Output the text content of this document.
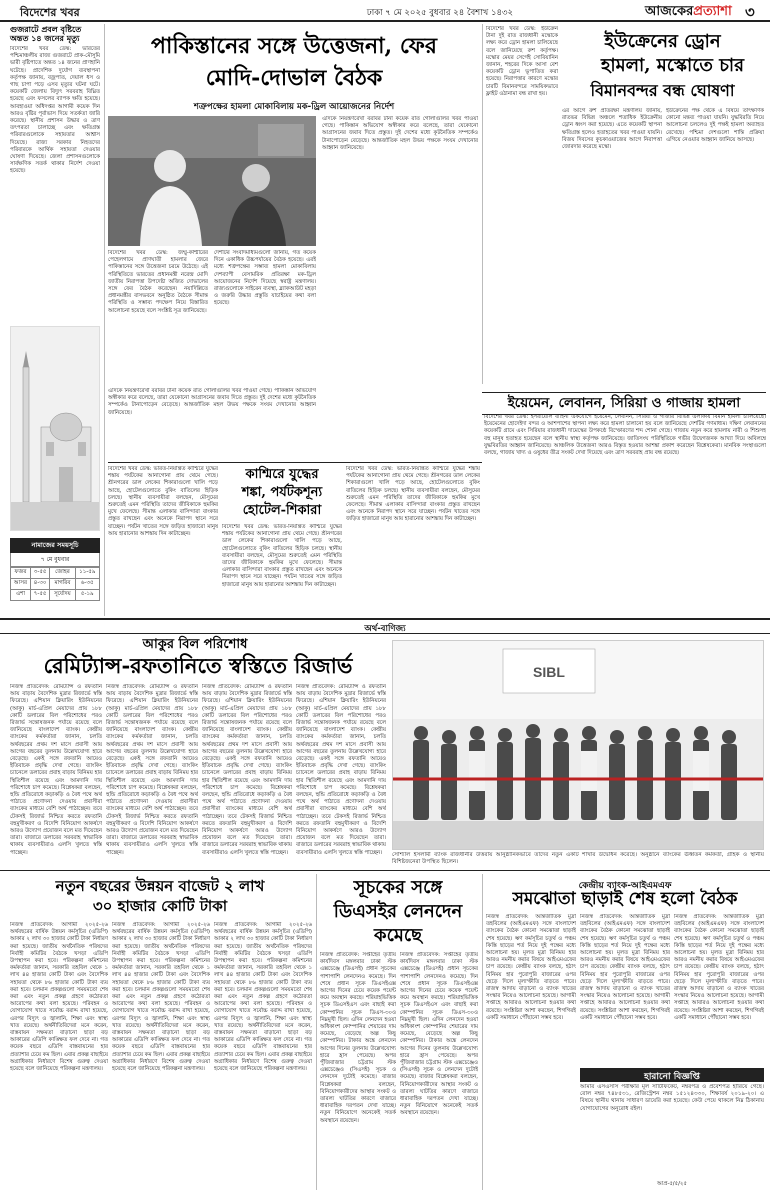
বিদেশের খবর	ঢাকা ৭ মে ২০২৫ বুধবার ২৪ বৈশাখ ১৪৩২	আজকেরপ্রত্যাশা ৩
গুজরাটে প্রবল বৃষ্টিতে অন্তত ১৪ জনের মৃত্যু
বিদেশের খবর ডেস্ক: ভারতের পশ্চিমাঞ্চলীয় রাজ্য গুজরাটে প্রাক-মৌসুমি ভারী বৃষ্টিপাতে অন্তত ১৪ জনের প্রাণহানি ঘটেছে। প্রাদেশিক দুর্যোগ ব্যবস্থাপনা কর্তৃপক্ষ জানায়, বজ্রপাত, দেয়াল ধস ও গাছ চাপা পড়ে এসব মৃত্যুর ঘটনা ঘটে। কয়েকটি জেলায় বিদ্যুৎ সরবরাহ বিঘ্নিত হয়েছে এবং ফসলের ব্যাপক ক্ষতি হয়েছে। আবহাওয়া অধিদপ্তর আগামী কয়েক দিন আরও বৃষ্টির পূর্বাভাস দিয়ে সতর্কতা জারি করেছে। স্থানীয় প্রশাসন উদ্ধার ও ত্রাণ তৎপরতা চালাচ্ছে এবং ক্ষতিগ্রস্ত পরিবারগুলোকে সহায়তার আশ্বাস দিয়েছে। রাজ্য সরকার নিহতদের পরিবারকে আর্থিক সহায়তা দেওয়ার ঘোষণা দিয়েছে। জেলা প্রশাসনগুলোকে সার্বক্ষণিক সতর্ক থাকার নির্দেশ দেওয়া হয়েছে।
নামাজের সময়সূচি
৭ মে বুধবার
ফজর	৩-৫৫	জোহর	১১-৫৯
আসর	৪-৩০	মাগরিব	৬-৩৫
এশা	৭-৫৫	সূর্যোদয়	৫-১৯
পাকিস্তানের সঙ্গে উত্তেজনা, ফের
মোদি-দোভাল বৈঠক
শত্রুপক্ষের হামলা মোকাবিলায় মক-ড্রিল আয়োজনের নির্দেশ
বিদেশের খবর ডেস্ক: জম্মু-কাশ্মীরের পেহেলগামে প্রাণঘাতী হামলার জেরে পাকিস্তানের সঙ্গে উত্তেজনা চরমে উঠেছে। এই পরিস্থিতিতে ভারতের প্রধানমন্ত্রী নরেন্দ্র মোদি জাতীয় নিরাপত্তা উপদেষ্টা অজিত দোভালের সঙ্গে ফের বৈঠক করেছেন। নয়াদিল্লিতে প্রধানমন্ত্রীর বাসভবনে অনুষ্ঠিত বৈঠকে সীমান্ত পরিস্থিতি ও সম্ভাব্য পদক্ষেপ নিয়ে বিস্তারিত আলোচনা হয়েছে বলে সংশ্লিষ্ট সূত্র জানিয়েছে।
দেশটির সংবাদমাধ্যমগুলো জানায়, গত কয়েক দিনে একাধিক উচ্চপর্যায়ের বৈঠক হয়েছে। এরই মধ্যে শত্রুপক্ষের সম্ভাব্য হামলা মোকাবিলায় দেশব্যাপী বেসামরিক প্রতিরক্ষা মক-ড্রিল আয়োজনের নির্দেশ দিয়েছে স্বরাষ্ট্র মন্ত্রণালয়। রাজ্যগুলোকে সাইরেন ব্যবস্থা, ব্ল্যাকআউট মহড়া ও জরুরি উদ্ধার প্রস্তুতি যাচাইয়ের কথা বলা হয়েছে।
এদিকে নিয়ন্ত্রণরেখা বরাবর টানা কয়েক রাত গোলাগুলির খবর পাওয়া গেছে। পাকিস্তান অভিযোগ অস্বীকার করে বলেছে, তারা যেকোনো আগ্রাসনের জবাব দিতে প্রস্তুত। দুই দেশের মধ্যে কূটনৈতিক সম্পর্কেও টানাপোড়েন বেড়েছে। আন্তর্জাতিক মহল উভয় পক্ষকে সংযম দেখানোর আহ্বান জানিয়েছে।
এদিকে নিয়ন্ত্রণরেখা বরাবর টানা কয়েক রাত গোলাগুলির খবর পাওয়া গেছে। পাকিস্তান অভিযোগ অস্বীকার করে বলেছে, তারা যেকোনো আগ্রাসনের জবাব দিতে প্রস্তুত। দুই দেশের মধ্যে কূটনৈতিক সম্পর্কেও টানাপোড়েন বেড়েছে। আন্তর্জাতিক মহল উভয় পক্ষকে সংযম দেখানোর আহ্বান জানিয়েছে।
ইউক্রেনের ড্রোন
হামলা, মস্কোতে চার
বিমানবন্দর বন্ধ ঘোষণা
বিদেশের খবর ডেস্ক: ইউক্রেন টানা দুই রাত রাজধানী মস্কোকে লক্ষ্য করে ড্রোন হামলা চালিয়েছে বলে জানিয়েছে রুশ কর্তৃপক্ষ। মস্কোর মেয়র সের্গেই সোবিয়ানিন জানান, শহরের দিকে আসা বেশ কয়েকটি ড্রোন ভূপাতিত করা হয়েছে। নিরাপত্তার কারণে মস্কোর চারটি বিমানবন্দরে সাময়িকভাবে ফ্লাইট ওঠানামা বন্ধ রাখা হয়।
এর আগে রুশ প্রতিরক্ষা মন্ত্রণালয় জানায়, রাতভর বিভিন্ন অঞ্চলে শতাধিক ইউক্রেনীয় ড্রোন ধ্বংস করা হয়েছে। এতে কয়েকটি স্থাপনা ক্ষতিগ্রস্ত হলেও হতাহতের খবর পাওয়া যায়নি। বিজয় দিবসের কুচকাওয়াজের আগে নিরাপত্তা জোরদার করেছে মস্কো।
ইউক্রেনের পক্ষ থেকে এ বিষয়ে তাৎক্ষণিক কোনো মন্তব্য পাওয়া যায়নি। যুদ্ধবিরতি নিয়ে আলোচনা চললেও দুই পক্ষই হামলা অব্যাহত রেখেছে। পশ্চিমা দেশগুলো শান্তি প্রক্রিয়া এগিয়ে নেওয়ার আহ্বান জানিয়ে আসছে।
ইয়েমেন, লেবানন, সিরিয়া ও গাজায় হামলা
বিদেশের খবর ডেস্ক: ইসরায়েলি বাহিনী একযোগে ইয়েমেন, লেবানন, সিরিয়া ও গাজার বিভিন্ন এলাকায় বিমান হামলা চালিয়েছে। ইয়েমেনের হোদেইদা বন্দর ও আশপাশের স্থাপনা লক্ষ্য করে হামলা চালানো হয় বলে জানিয়েছে দেশটির গণমাধ্যম। দক্ষিণ লেবাননের কয়েকটি গ্রামে এবং সিরিয়ার রাজধানী দামেস্কের উপকণ্ঠে বিস্ফোরণের শব্দ শোনা গেছে। গাজায় নতুন করে হামলায় নারী ও শিশুসহ বহু মানুষ হতাহত হয়েছেন বলে স্থানীয় স্বাস্থ্য কর্তৃপক্ষ জানিয়েছে। জাতিসংঘ পরিস্থিতিকে গভীর উদ্বেগজনক আখ্যা দিয়ে অবিলম্বে যুদ্ধবিরতির আহ্বান জানিয়েছে। আঞ্চলিক উত্তেজনা আরও বিস্তৃত হওয়ার আশঙ্কা প্রকাশ করেছেন বিশ্লেষকেরা। মানবিক সংস্থাগুলো বলছে, গাজায় খাদ্য ও ওষুধের তীব্র সংকট দেখা দিয়েছে এবং ত্রাণ সরবরাহ প্রায় বন্ধ রয়েছে।
বিদেশের খবর ডেস্ক: ভারত-নিয়ন্ত্রিত কাশ্মিরে যুদ্ধের শঙ্কায় পর্যটকের আনাগোনা প্রায় থেমে গেছে। শ্রীনগরের ডাল লেকের শিকারাগুলো খালি পড়ে আছে, হোটেলগুলোতে বুকিং বাতিলের হিড়িক চলছে। স্থানীয় ব্যবসায়ীরা বলছেন, মৌসুমের শুরুতেই এমন পরিস্থিতি তাদের জীবিকাকে হুমকির মুখে ফেলেছে। সীমান্ত এলাকার বাসিন্দারা বাংকার প্রস্তুত রাখছেন এবং অনেকে নিরাপদ স্থানে সরে যাচ্ছেন। পর্যটন খাতের সঙ্গে জড়িত হাজারো মানুষ আয় হারানোর আশঙ্কায় দিন কাটাচ্ছেন।
কাশ্মিরে যুদ্ধের
শঙ্কা, পর্যটকশূন্য
হোটেল-শিকারা
বিদেশের খবর ডেস্ক: ভারত-নিয়ন্ত্রিত কাশ্মিরে যুদ্ধের শঙ্কায় পর্যটকের আনাগোনা প্রায় থেমে গেছে। শ্রীনগরের ডাল লেকের শিকারাগুলো খালি পড়ে আছে, হোটেলগুলোতে বুকিং বাতিলের হিড়িক চলছে। স্থানীয় ব্যবসায়ীরা বলছেন, মৌসুমের শুরুতেই এমন পরিস্থিতি তাদের জীবিকাকে হুমকির মুখে ফেলেছে। সীমান্ত এলাকার বাসিন্দারা বাংকার প্রস্তুত রাখছেন এবং অনেকে নিরাপদ স্থানে সরে যাচ্ছেন। পর্যটন খাতের সঙ্গে জড়িত হাজারো মানুষ আয় হারানোর আশঙ্কায় দিন কাটাচ্ছেন।
বিদেশের খবর ডেস্ক: ভারত-নিয়ন্ত্রিত কাশ্মিরে যুদ্ধের শঙ্কায় পর্যটকের আনাগোনা প্রায় থেমে গেছে। শ্রীনগরের ডাল লেকের শিকারাগুলো খালি পড়ে আছে, হোটেলগুলোতে বুকিং বাতিলের হিড়িক চলছে। স্থানীয় ব্যবসায়ীরা বলছেন, মৌসুমের শুরুতেই এমন পরিস্থিতি তাদের জীবিকাকে হুমকির মুখে ফেলেছে। সীমান্ত এলাকার বাসিন্দারা বাংকার প্রস্তুত রাখছেন এবং অনেকে নিরাপদ স্থানে সরে যাচ্ছেন। পর্যটন খাতের সঙ্গে জড়িত হাজারো মানুষ আয় হারানোর আশঙ্কায় দিন কাটাচ্ছেন।
অর্থ-বাণিজ্য
আকুর বিল পরিশোধ
রেমিট্যান্স-রফতানিতে স্বস্তিতে রিজার্ভ
নিজস্ব প্রতিবেদক: রেমিট্যান্স ও রফতানি আয় বাড়ায় বৈদেশিক মুদ্রার রিজার্ভে স্বস্তি ফিরেছে। এশিয়ান ক্লিয়ারিং ইউনিয়নের (আকু) মার্চ-এপ্রিল মেয়াদের প্রায় ১৮৮ কোটি ডলারের বিল পরিশোধের পরও রিজার্ভ সন্তোষজনক পর্যায়ে রয়েছে বলে জানিয়েছে বাংলাদেশ ব্যাংক। কেন্দ্রীয় ব্যাংকের কর্মকর্তারা জানান, চলতি অর্থবছরের প্রথম দশ মাসে প্রবাসী আয় আগের বছরের তুলনায় উল্লেখযোগ্য হারে বেড়েছে। একই সঙ্গে রফতানি আয়েও ইতিবাচক প্রবৃদ্ধি দেখা গেছে। ব্যাংকিং চ্যানেলে ডলারের প্রবাহ বাড়ায় বিনিময় হার স্থিতিশীল রয়েছে এবং আমদানি দায় পরিশোধে চাপ কমেছে। বিশ্লেষকরা বলছেন, হুন্ডি প্রতিরোধে কড়াকড়ি ও বৈধ পথে অর্থ পাঠাতে প্রণোদনা দেওয়ায় প্রবাসীরা ব্যাংকের মাধ্যমে বেশি অর্থ পাঠাচ্ছেন। তবে টেকসই রিজার্ভ নিশ্চিত করতে রফতানি বহুমুখীকরণ ও বিদেশি বিনিয়োগ আকর্ষণে আরও উদ্যোগ প্রয়োজন বলে মত দিয়েছেন তারা। বাজারে ডলারের সরবরাহ স্বাভাবিক থাকায় ব্যবসায়ীরাও এলসি খুলতে স্বস্তি পাচ্ছেন।
নিজস্ব প্রতিবেদক: রেমিট্যান্স ও রফতানি আয় বাড়ায় বৈদেশিক মুদ্রার রিজার্ভে স্বস্তি ফিরেছে। এশিয়ান ক্লিয়ারিং ইউনিয়নের (আকু) মার্চ-এপ্রিল মেয়াদের প্রায় ১৮৮ কোটি ডলারের বিল পরিশোধের পরও রিজার্ভ সন্তোষজনক পর্যায়ে রয়েছে বলে জানিয়েছে বাংলাদেশ ব্যাংক। কেন্দ্রীয় ব্যাংকের কর্মকর্তারা জানান, চলতি অর্থবছরের প্রথম দশ মাসে প্রবাসী আয় আগের বছরের তুলনায় উল্লেখযোগ্য হারে বেড়েছে। একই সঙ্গে রফতানি আয়েও ইতিবাচক প্রবৃদ্ধি দেখা গেছে। ব্যাংকিং চ্যানেলে ডলারের প্রবাহ বাড়ায় বিনিময় হার স্থিতিশীল রয়েছে এবং আমদানি দায় পরিশোধে চাপ কমেছে। বিশ্লেষকরা বলছেন, হুন্ডি প্রতিরোধে কড়াকড়ি ও বৈধ পথে অর্থ পাঠাতে প্রণোদনা দেওয়ায় প্রবাসীরা ব্যাংকের মাধ্যমে বেশি অর্থ পাঠাচ্ছেন। তবে টেকসই রিজার্ভ নিশ্চিত করতে রফতানি বহুমুখীকরণ ও বিদেশি বিনিয়োগ আকর্ষণে আরও উদ্যোগ প্রয়োজন বলে মত দিয়েছেন তারা। বাজারে ডলারের সরবরাহ স্বাভাবিক থাকায় ব্যবসায়ীরাও এলসি খুলতে স্বস্তি পাচ্ছেন।
নিজস্ব প্রতিবেদক: রেমিট্যান্স ও রফতানি আয় বাড়ায় বৈদেশিক মুদ্রার রিজার্ভে স্বস্তি ফিরেছে। এশিয়ান ক্লিয়ারিং ইউনিয়নের (আকু) মার্চ-এপ্রিল মেয়াদের প্রায় ১৮৮ কোটি ডলারের বিল পরিশোধের পরও রিজার্ভ সন্তোষজনক পর্যায়ে রয়েছে বলে জানিয়েছে বাংলাদেশ ব্যাংক। কেন্দ্রীয় ব্যাংকের কর্মকর্তারা জানান, চলতি অর্থবছরের প্রথম দশ মাসে প্রবাসী আয় আগের বছরের তুলনায় উল্লেখযোগ্য হারে বেড়েছে। একই সঙ্গে রফতানি আয়েও ইতিবাচক প্রবৃদ্ধি দেখা গেছে। ব্যাংকিং চ্যানেলে ডলারের প্রবাহ বাড়ায় বিনিময় হার স্থিতিশীল রয়েছে এবং আমদানি দায় পরিশোধে চাপ কমেছে। বিশ্লেষকরা বলছেন, হুন্ডি প্রতিরোধে কড়াকড়ি ও বৈধ পথে অর্থ পাঠাতে প্রণোদনা দেওয়ায় প্রবাসীরা ব্যাংকের মাধ্যমে বেশি অর্থ পাঠাচ্ছেন। তবে টেকসই রিজার্ভ নিশ্চিত করতে রফতানি বহুমুখীকরণ ও বিদেশি বিনিয়োগ আকর্ষণে আরও উদ্যোগ প্রয়োজন বলে মত দিয়েছেন তারা। বাজারে ডলারের সরবরাহ স্বাভাবিক থাকায় ব্যবসায়ীরাও এলসি খুলতে স্বস্তি পাচ্ছেন।
নিজস্ব প্রতিবেদক: রেমিট্যান্স ও রফতানি আয় বাড়ায় বৈদেশিক মুদ্রার রিজার্ভে স্বস্তি ফিরেছে। এশিয়ান ক্লিয়ারিং ইউনিয়নের (আকু) মার্চ-এপ্রিল মেয়াদের প্রায় ১৮৮ কোটি ডলারের বিল পরিশোধের পরও রিজার্ভ সন্তোষজনক পর্যায়ে রয়েছে বলে জানিয়েছে বাংলাদেশ ব্যাংক। কেন্দ্রীয় ব্যাংকের কর্মকর্তারা জানান, চলতি অর্থবছরের প্রথম দশ মাসে প্রবাসী আয় আগের বছরের তুলনায় উল্লেখযোগ্য হারে বেড়েছে। একই সঙ্গে রফতানি আয়েও ইতিবাচক প্রবৃদ্ধি দেখা গেছে। ব্যাংকিং চ্যানেলে ডলারের প্রবাহ বাড়ায় বিনিময় হার স্থিতিশীল রয়েছে এবং আমদানি দায় পরিশোধে চাপ কমেছে। বিশ্লেষকরা বলছেন, হুন্ডি প্রতিরোধে কড়াকড়ি ও বৈধ পথে অর্থ পাঠাতে প্রণোদনা দেওয়ায় প্রবাসীরা ব্যাংকের মাধ্যমে বেশি অর্থ পাঠাচ্ছেন। তবে টেকসই রিজার্ভ নিশ্চিত করতে রফতানি বহুমুখীকরণ ও বিদেশি বিনিয়োগ আকর্ষণে আরও উদ্যোগ প্রয়োজন বলে মত দিয়েছেন তারা। বাজারে ডলারের সরবরাহ স্বাভাবিক থাকায় ব্যবসায়ীরাও এলসি খুলতে স্বস্তি পাচ্ছেন।
SIBL
সোশ্যাল ইসলামী ব্যাংক রাজধানীর উত্তরায় আনুষ্ঠানিকভাবে তাদের নতুন একটি শাখার উদ্বোধন করেছে। অনুষ্ঠানে ব্যাংকের ঊর্ধ্বতন কর্মকর্তা, গ্রাহক ও স্থানীয় বিশিষ্টজনেরা উপস্থিত ছিলেন।
নতুন বছরের উন্নয়ন বাজেট ২ লাখ
৩০ হাজার কোটি টাকা
নিজস্ব প্রতিবেদক: আগামী ২০২৫-২৬ অর্থবছরের বার্ষিক উন্নয়ন কর্মসূচির (এডিপি) আকার ২ লাখ ৩০ হাজার কোটি টাকা নির্ধারণ করা হয়েছে। জাতীয় অর্থনৈতিক পরিষদের নির্বাহী কমিটির বৈঠকে খসড়া এডিপি উপস্থাপন করা হবে। পরিকল্পনা কমিশনের কর্মকর্তারা জানান, সরকারি তহবিল থেকে ১ লাখ ৪৪ হাজার কোটি টাকা এবং বৈদেশিক সহায়তা থেকে ৮৬ হাজার কোটি টাকা ব্যয় করা হবে। চলমান প্রকল্পগুলো সময়মতো শেষ করা এবং নতুন প্রকল্প গ্রহণে কঠোরতা আরোপের কথা বলা হয়েছে। পরিবহন ও যোগাযোগ খাতে সর্বোচ্চ বরাদ্দ রাখা হয়েছে, এরপর বিদ্যুৎ ও জ্বালানি, শিক্ষা এবং স্বাস্থ্য খাত রয়েছে। অর্থনীতিবিদেরা মনে করেন, বাস্তবায়ন সক্ষমতা বাড়ানো ছাড়া বড় আকারের এডিপি কাঙ্ক্ষিত ফল দেবে না। গত কয়েক বছরে এডিপি বাস্তবায়নের হার প্রত্যাশার চেয়ে কম ছিল। এবার প্রকল্প বাছাইয়ে অগ্রাধিকার নির্ধারণে বিশেষ গুরুত্ব দেওয়া হয়েছে বলে জানিয়েছে পরিকল্পনা মন্ত্রণালয়।
নিজস্ব প্রতিবেদক: আগামী ২০২৫-২৬ অর্থবছরের বার্ষিক উন্নয়ন কর্মসূচির (এডিপি) আকার ২ লাখ ৩০ হাজার কোটি টাকা নির্ধারণ করা হয়েছে। জাতীয় অর্থনৈতিক পরিষদের নির্বাহী কমিটির বৈঠকে খসড়া এডিপি উপস্থাপন করা হবে। পরিকল্পনা কমিশনের কর্মকর্তারা জানান, সরকারি তহবিল থেকে ১ লাখ ৪৪ হাজার কোটি টাকা এবং বৈদেশিক সহায়তা থেকে ৮৬ হাজার কোটি টাকা ব্যয় করা হবে। চলমান প্রকল্পগুলো সময়মতো শেষ করা এবং নতুন প্রকল্প গ্রহণে কঠোরতা আরোপের কথা বলা হয়েছে। পরিবহন ও যোগাযোগ খাতে সর্বোচ্চ বরাদ্দ রাখা হয়েছে, এরপর বিদ্যুৎ ও জ্বালানি, শিক্ষা এবং স্বাস্থ্য খাত রয়েছে। অর্থনীতিবিদেরা মনে করেন, বাস্তবায়ন সক্ষমতা বাড়ানো ছাড়া বড় আকারের এডিপি কাঙ্ক্ষিত ফল দেবে না। গত কয়েক বছরে এডিপি বাস্তবায়নের হার প্রত্যাশার চেয়ে কম ছিল। এবার প্রকল্প বাছাইয়ে অগ্রাধিকার নির্ধারণে বিশেষ গুরুত্ব দেওয়া হয়েছে বলে জানিয়েছে পরিকল্পনা মন্ত্রণালয়।
নিজস্ব প্রতিবেদক: আগামী ২০২৫-২৬ অর্থবছরের বার্ষিক উন্নয়ন কর্মসূচির (এডিপি) আকার ২ লাখ ৩০ হাজার কোটি টাকা নির্ধারণ করা হয়েছে। জাতীয় অর্থনৈতিক পরিষদের নির্বাহী কমিটির বৈঠকে খসড়া এডিপি উপস্থাপন করা হবে। পরিকল্পনা কমিশনের কর্মকর্তারা জানান, সরকারি তহবিল থেকে ১ লাখ ৪৪ হাজার কোটি টাকা এবং বৈদেশিক সহায়তা থেকে ৮৬ হাজার কোটি টাকা ব্যয় করা হবে। চলমান প্রকল্পগুলো সময়মতো শেষ করা এবং নতুন প্রকল্প গ্রহণে কঠোরতা আরোপের কথা বলা হয়েছে। পরিবহন ও যোগাযোগ খাতে সর্বোচ্চ বরাদ্দ রাখা হয়েছে, এরপর বিদ্যুৎ ও জ্বালানি, শিক্ষা এবং স্বাস্থ্য খাত রয়েছে। অর্থনীতিবিদেরা মনে করেন, বাস্তবায়ন সক্ষমতা বাড়ানো ছাড়া বড় আকারের এডিপি কাঙ্ক্ষিত ফল দেবে না। গত কয়েক বছরে এডিপি বাস্তবায়নের হার প্রত্যাশার চেয়ে কম ছিল। এবার প্রকল্প বাছাইয়ে অগ্রাধিকার নির্ধারণে বিশেষ গুরুত্ব দেওয়া হয়েছে বলে জানিয়েছে পরিকল্পনা মন্ত্রণালয়।
সূচকের সঙ্গে
ডিএসইর লেনদেন
কমেছে
নিজস্ব প্রতিবেদক: সপ্তাহের তৃতীয় কার্যদিবস মঙ্গলবার ঢাকা স্টক এক্সচেঞ্জে (ডিএসই) প্রধান সূচকের পাশাপাশি লেনদেনও কমেছে। দিন শেষে প্রধান সূচক ডিএসইএক্স আগের দিনের চেয়ে কয়েক পয়েন্ট কমে অবস্থান করছে। শরিয়াহভিত্তিক সূচক ডিএসইএস এবং বাছাই করা কোম্পানির সূচক ডিএস-৩০ও নিম্নমুখী ছিল। এদিন লেনদেন হওয়া অধিকাংশ কোম্পানির শেয়ারের দাম কমেছে, বেড়েছে অল্প কিছু কোম্পানির। টাকার অঙ্কে লেনদেন আগের দিনের তুলনায় উল্লেখযোগ্য হারে হ্রাস পেয়েছে। অপর পুঁজিবাজার চট্টগ্রাম স্টক এক্সচেঞ্জেও (সিএসই) সূচক ও লেনদেন দুটোই কমেছে। বাজার বিশ্লেষকরা বলছেন, বিনিয়োগকারীদের আস্থার সংকট ও তারল্য ঘাটতির কারণে বাজারে ধারাবাহিক দরপতন দেখা যাচ্ছে। নতুন বিনিয়োগে অনেকেই সতর্ক অবস্থানে রয়েছেন।
নিজস্ব প্রতিবেদক: সপ্তাহের তৃতীয় কার্যদিবস মঙ্গলবার ঢাকা স্টক এক্সচেঞ্জে (ডিএসই) প্রধান সূচকের পাশাপাশি লেনদেনও কমেছে। দিন শেষে প্রধান সূচক ডিএসইএক্স আগের দিনের চেয়ে কয়েক পয়েন্ট কমে অবস্থান করছে। শরিয়াহভিত্তিক সূচক ডিএসইএস এবং বাছাই করা কোম্পানির সূচক ডিএস-৩০ও নিম্নমুখী ছিল। এদিন লেনদেন হওয়া অধিকাংশ কোম্পানির শেয়ারের দাম কমেছে, বেড়েছে অল্প কিছু কোম্পানির। টাকার অঙ্কে লেনদেন আগের দিনের তুলনায় উল্লেখযোগ্য হারে হ্রাস পেয়েছে। অপর পুঁজিবাজার চট্টগ্রাম স্টক এক্সচেঞ্জেও (সিএসই) সূচক ও লেনদেন দুটোই কমেছে। বাজার বিশ্লেষকরা বলছেন, বিনিয়োগকারীদের আস্থার সংকট ও তারল্য ঘাটতির কারণে বাজারে ধারাবাহিক দরপতন দেখা যাচ্ছে। নতুন বিনিয়োগে অনেকেই সতর্ক অবস্থানে রয়েছেন।
কেন্দ্রীয় ব্যাংক-আইএমএফ
সমঝোতা ছাড়াই শেষ হলো বৈঠক
নিজস্ব প্রতিবেদক: আন্তর্জাতিক মুদ্রা তহবিলের (আইএমএফ) সঙ্গে বাংলাদেশ ব্যাংকের বৈঠক কোনো সমঝোতা ছাড়াই শেষ হয়েছে। ঋণ কর্মসূচির চতুর্থ ও পঞ্চম কিস্তি ছাড়ের শর্ত নিয়ে দুই পক্ষের মধ্যে আলোচনা হয়। মূলত মুদ্রা বিনিময় হার আরও নমনীয় করার বিষয়ে আইএমএফের চাপ রয়েছে। কেন্দ্রীয় ব্যাংক বলছে, হঠাৎ বিনিময় হার পুরোপুরি বাজারের ওপর ছেড়ে দিলে মূল্যস্ফীতি বাড়তে পারে। রাজস্ব আদায় বাড়ানো ও ব্যাংক খাতের সংস্কার নিয়েও আলোচনা হয়েছে। আগামী সপ্তাহে আবারও আলোচনা হওয়ার কথা রয়েছে। সংশ্লিষ্টরা আশা করছেন, শিগগিরই একটি সমাধানে পৌঁছানো সম্ভব হবে।
নিজস্ব প্রতিবেদক: আন্তর্জাতিক মুদ্রা তহবিলের (আইএমএফ) সঙ্গে বাংলাদেশ ব্যাংকের বৈঠক কোনো সমঝোতা ছাড়াই শেষ হয়েছে। ঋণ কর্মসূচির চতুর্থ ও পঞ্চম কিস্তি ছাড়ের শর্ত নিয়ে দুই পক্ষের মধ্যে আলোচনা হয়। মূলত মুদ্রা বিনিময় হার আরও নমনীয় করার বিষয়ে আইএমএফের চাপ রয়েছে। কেন্দ্রীয় ব্যাংক বলছে, হঠাৎ বিনিময় হার পুরোপুরি বাজারের ওপর ছেড়ে দিলে মূল্যস্ফীতি বাড়তে পারে। রাজস্ব আদায় বাড়ানো ও ব্যাংক খাতের সংস্কার নিয়েও আলোচনা হয়েছে। আগামী সপ্তাহে আবারও আলোচনা হওয়ার কথা রয়েছে। সংশ্লিষ্টরা আশা করছেন, শিগগিরই একটি সমাধানে পৌঁছানো সম্ভব হবে।
নিজস্ব প্রতিবেদক: আন্তর্জাতিক মুদ্রা তহবিলের (আইএমএফ) সঙ্গে বাংলাদেশ ব্যাংকের বৈঠক কোনো সমঝোতা ছাড়াই শেষ হয়েছে। ঋণ কর্মসূচির চতুর্থ ও পঞ্চম কিস্তি ছাড়ের শর্ত নিয়ে দুই পক্ষের মধ্যে আলোচনা হয়। মূলত মুদ্রা বিনিময় হার আরও নমনীয় করার বিষয়ে আইএমএফের চাপ রয়েছে। কেন্দ্রীয় ব্যাংক বলছে, হঠাৎ বিনিময় হার পুরোপুরি বাজারের ওপর ছেড়ে দিলে মূল্যস্ফীতি বাড়তে পারে। রাজস্ব আদায় বাড়ানো ও ব্যাংক খাতের সংস্কার নিয়েও আলোচনা হয়েছে। আগামী সপ্তাহে আবারও আলোচনা হওয়ার কথা রয়েছে। সংশ্লিষ্টরা আশা করছেন, শিগগিরই একটি সমাধানে পৌঁছানো সম্ভব হবে।
হারানো বিজ্ঞপ্তি
আমার এসএসসি পরীক্ষার মূল সার্টিফিকেট, নম্বরপত্র ও প্রবেশপত্র হারিয়ে গেছে। রোল নম্বর ৭৪৮৫৩১, রেজিস্ট্রেশন নম্বর ১৫১২৪৩৩০, শিক্ষাবর্ষ ২০১৯-২০। এ বিষয়ে স্থানীয় থানায় সাধারণ ডায়েরি করা হয়েছে। কেউ পেয়ে থাকলে নিম্ন ঠিকানায় যোগাযোগের অনুরোধ রইল।
আপ্র-৫/৫/২৫
